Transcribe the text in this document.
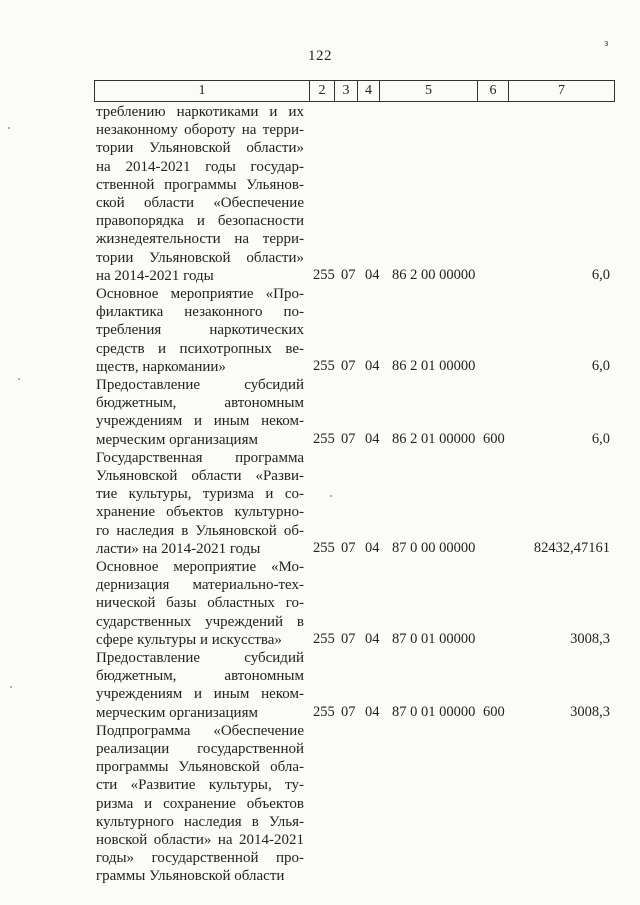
122
з
1	2	3	4	5	6	7
треблению наркотиками и их
незаконному обороту на терри-
тории Ульяновской области»
на 2014-2021 годы государ-
ственной программы Ульянов-
ской области «Обеспечение
правопорядка и безопасности
жизнедеятельности на терри-
тории Ульяновской области»
на 2014-2021 годы	255 07 04 86 2 00 00000	6,0
Основное мероприятие «Про-
филактика незаконного по-
требления наркотических
средств и психотропных ве-
ществ, наркомании»	255 07 04 86 2 01 00000	6,0
Предоставление субсидий
бюджетным, автономным
учреждениям и иным неком-
мерческим организациям	255 07 04 86 2 01 00000 600	6,0
Государственная программа
Ульяновской области «Разви-
тие культуры, туризма и со-
хранение объектов культурно-
го наследия в Ульяновской об-
ласти» на 2014-2021 годы	255 07 04 87 0 00 00000	82432,47161
Основное мероприятие «Мо-
дернизация материально-тех-
нической базы областных го-
сударственных учреждений в
сфере культуры и искусства»	255 07 04 87 0 01 00000	3008,3
Предоставление субсидий
бюджетным, автономным
учреждениям и иным неком-
мерческим организациям	255 07 04 87 0 01 00000 600	3008,3
Подпрограмма «Обеспечение
реализации государственной
программы Ульяновской обла-
сти «Развитие культуры, ту-
ризма и сохранение объектов
культурного наследия в Улья-
новской области» на 2014-2021
годы» государственной про-
граммы Ульяновской области
